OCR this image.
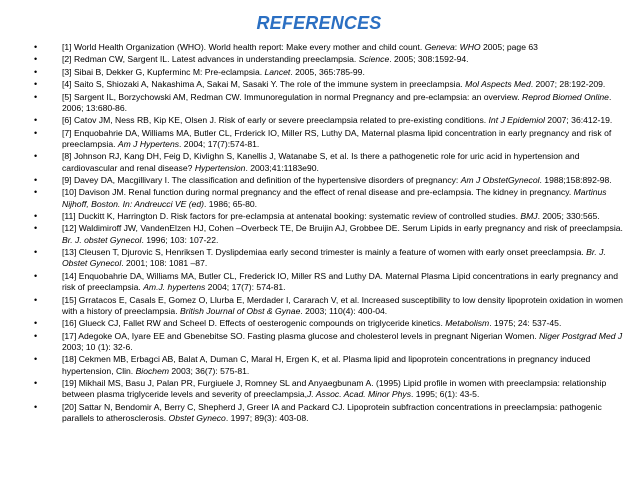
REFERENCES
•	[1] World Health Organization (WHO). World health report: Make every mother and child count. Geneva: WHO 2005; page 63
•	[2] Redman CW, Sargent IL. Latest advances in understanding preeclampsia. Science. 2005; 308:1592-94.
•	[3] Sibai B, Dekker G, Kupferminc M: Pre-eclampsia. Lancet. 2005, 365:785-99.
•	[4] Saito S, Shiozaki A, Nakashima A, Sakai M, Sasaki Y. The role of the immune system in preeclampsia. Mol Aspects Med. 2007; 28:192-209.
•	[5] Sargent IL, Borzychowski AM, Redman CW. Immunoregulation in normal Pregnancy and pre-eclampsia: an overview. Reprod Biomed Online. 2006; 13:680-86.
•	[6] Catov JM, Ness RB, Kip KE, Olsen J. Risk of early or severe preeclampsia related to pre-existing conditions. Int J Epidemiol 2007; 36:412-19.
•	[7] Enquobahrie DA, Williams MA, Butler CL, Frderick IO, Miller RS, Luthy DA, Maternal plasma lipid concentration in early pregnancy and risk of preeclampsia. Am J Hypertens. 2004; 17(7):574-81.
•	[8] Johnson RJ, Kang DH, Feig D, Kivlighn S, Kanellis J, Watanabe S, et al. Is there a pathogenetic role for uric acid in hypertension and cardiovascular and renal disease? Hypertension. 2003;41:1183e90.
•	[9] Davey DA, Macgillivary I. The classification and definition of the hypertensive disorders of pregnancy: Am J ObstetGynecol. 1988;158:892-98.
•	[10] Davison JM. Renal function during normal pregnancy and the effect of renal disease and pre-eclampsia. The kidney in pregnancy. Martinus Nijhoff, Boston. In: Andreucci VE (ed). 1986; 65-80.
•	[11] Duckitt K, Harrington D. Risk factors for pre-eclampsia at antenatal booking: systematic review of controlled studies. BMJ. 2005; 330:565.
•	[12] Waldimiroff JW, VandenElzen HJ, Cohen –Overbeck TE, De Bruijin AJ, Grobbee DE. Serum Lipids in early pregnancy and risk of preeclampsia. Br. J. obstet Gynecol. 1996; 103: 107-22.
•	[13] Cleusen T, Djurovic S, Henriksen T. Dyslipdemiaa early second trimester is mainly a feature of women with early onset preeclampsia. Br. J. Obstet Gynecol. 2001; 108: 1081 –87.
•	[14] Enquobahrie DA, Williams MA, Butler CL, Frederick IO, Miller RS and Luthy DA. Maternal Plasma Lipid concentrations in early pregnancy and risk of preeclampsia. Am.J. hypertens 2004; 17(7): 574-81.
•	[15] Grratacos E, Casals E, Gomez O, Llurba E, Merdader I, Cararach V, et al. Increased susceptibility to low density lipoprotein oxidation in women with a history of preeclampsia. British Journal of Obst & Gynae. 2003; 110(4): 400-04.
•	[16] Glueck CJ, Fallet RW and Scheel D. Effects of oesterogenic compounds on triglyceride kinetics. Metabolism. 1975; 24: 537-45.
•	[17] Adegoke OA, Iyare EE and Gbenebitse SO. Fasting plasma glucose and cholesterol levels in pregnant Nigerian Women. Niger Postgrad Med J 2003; 10 (1): 32-6.
•	[18] Cekmen MB, Erbagci AB, Balat A, Duman C, Maral H, Ergen K, et al. Plasma lipid and lipoprotein concentrations in pregnancy induced hypertension, Clin. Biochem 2003; 36(7): 575-81.
•	[19] Mikhail MS, Basu J, Palan PR, Furgiuele J, Romney SL and Anyaegbunam A. (1995) Lipid profile in women with preeclampsia: relationship between plasma triglyceride levels and severity of preeclampsia,J. Assoc. Acad. Minor Phys. 1995; 6(1): 43-5.
•	[20] Sattar N, Bendomir A, Berry C, Shepherd J, Greer IA and Packard CJ. Lipoprotein subfraction concentrations in preeclampsia: pathogenic parallels to atherosclerosis. Obstet Gyneco. 1997; 89(3): 403-08.
